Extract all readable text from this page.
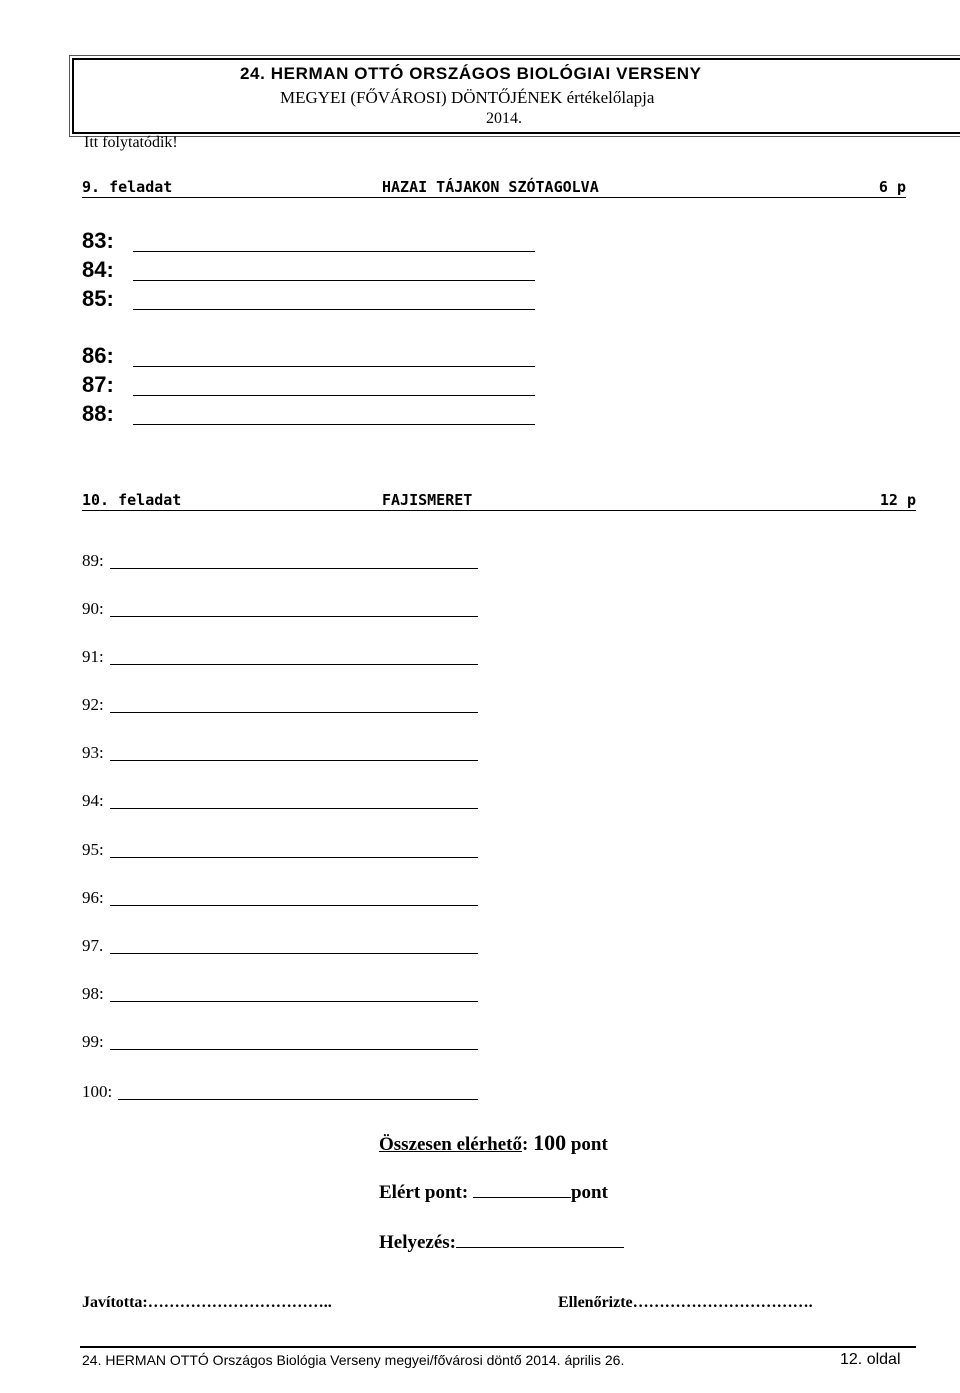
24. HERMAN OTTÓ ORSZÁGOS BIOLÓGIAI VERSENY
MEGYEI (FŐVÁROSI) DÖNTŐJÉNEK értékelőlapja
2014.
Itt folytatódik!
9. feladat	HAZAI TÁJAKON SZÓTAGOLVA	6 p
83:
84:
85:
86:
87:
88:
10. feladat	FAJISMERET	12 p
89:
90:
91:
92:
93:
94:
95:
96:
97.
98:
99:
100:
Összesen elérhető: 100 pont
Elért pont:	pont
Helyezés:
Javította:……………………………..	Ellenőrizte…………………………….
24. HERMAN OTTÓ Országos Biológia Verseny megyei/fővárosi döntő 2014. április 26.	12. oldal
